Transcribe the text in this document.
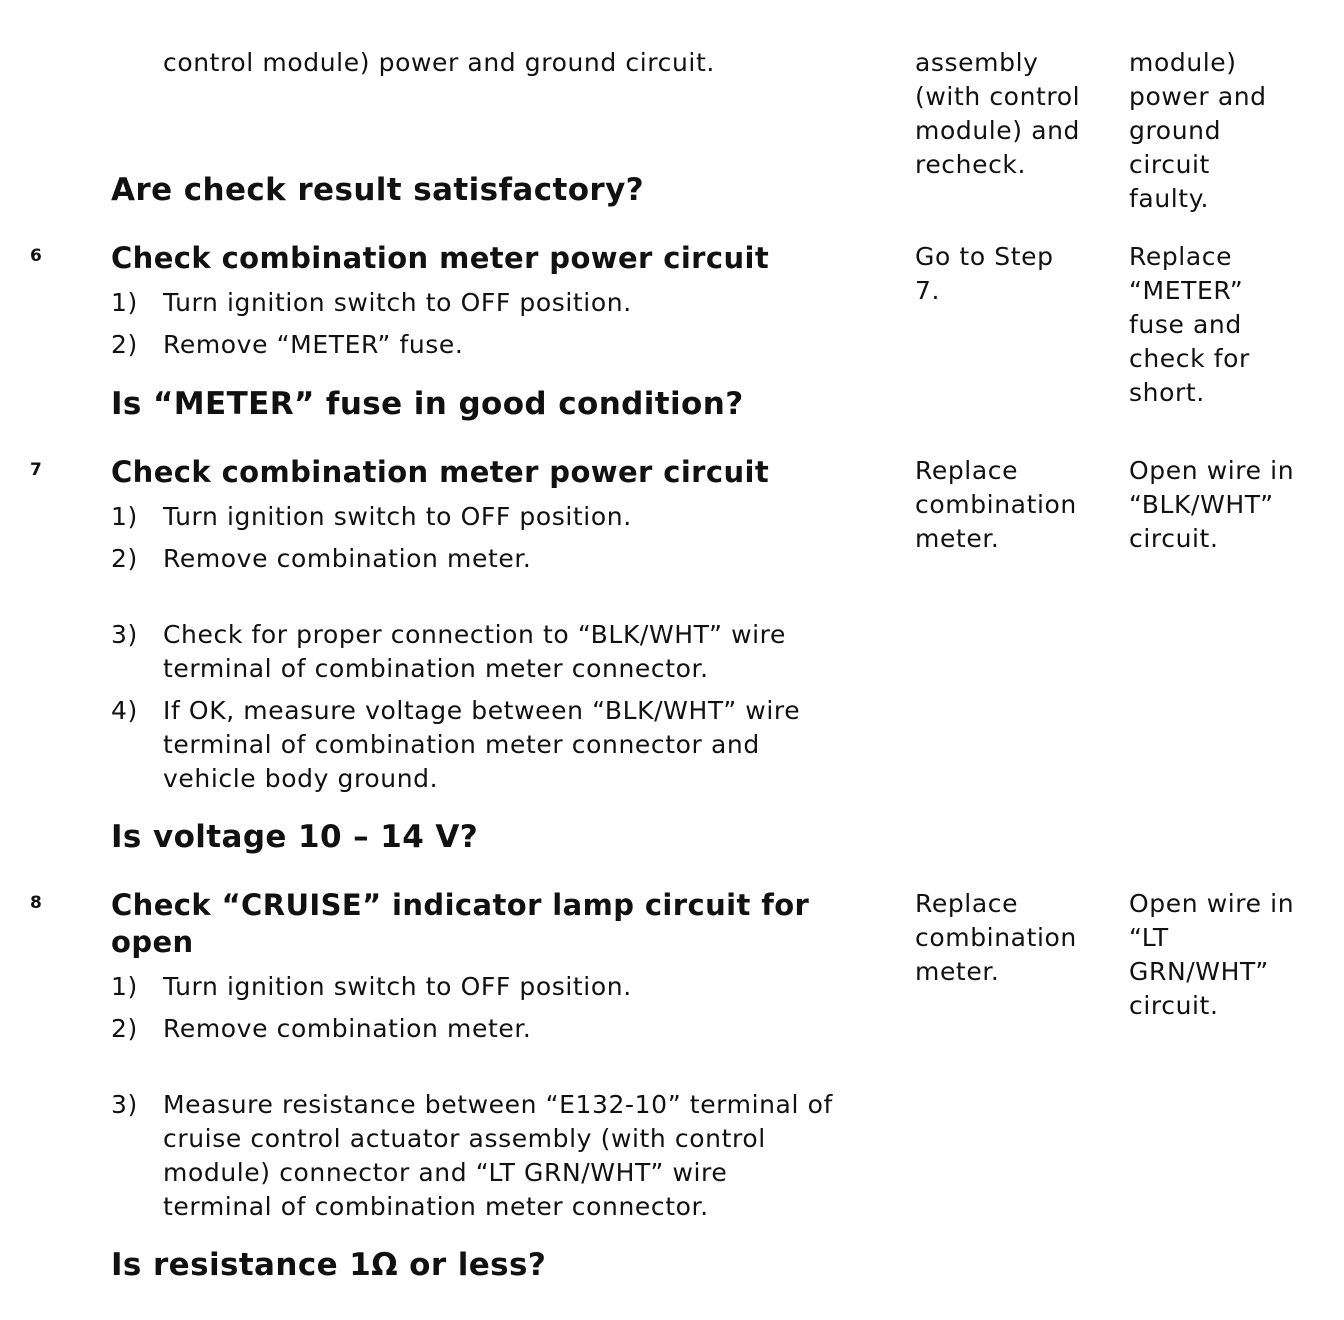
control module) power and ground circuit.
Are check result satisfactory?
assembly
(with control
module) and
recheck.
module)
power and
ground
circuit
faulty.
6 Check combination meter power circuit
1) Turn ignition switch to OFF position.
2) Remove “METER” fuse.
Is “METER” fuse in good condition?
Go to Step
7.
Replace
“METER”
fuse and
check for
short.
7 Check combination meter power circuit
1) Turn ignition switch to OFF position.
2) Remove combination meter.
3) Check for proper connection to “BLK/WHT” wire
terminal of combination meter connector.
4) If OK, measure voltage between “BLK/WHT” wire
terminal of combination meter connector and
vehicle body ground.
Is voltage 10 – 14 V?
Replace
combination
meter.
Open wire in
“BLK/WHT”
circuit.
8 Check “CRUISE” indicator lamp circuit for
open
1) Turn ignition switch to OFF position.
2) Remove combination meter.
3) Measure resistance between “E132-10” terminal of
cruise control actuator assembly (with control
module) connector and “LT GRN/WHT” wire
terminal of combination meter connector.
Is resistance 1Ω or less?
Replace
combination
meter.
Open wire in
“LT
GRN/WHT”
circuit.
